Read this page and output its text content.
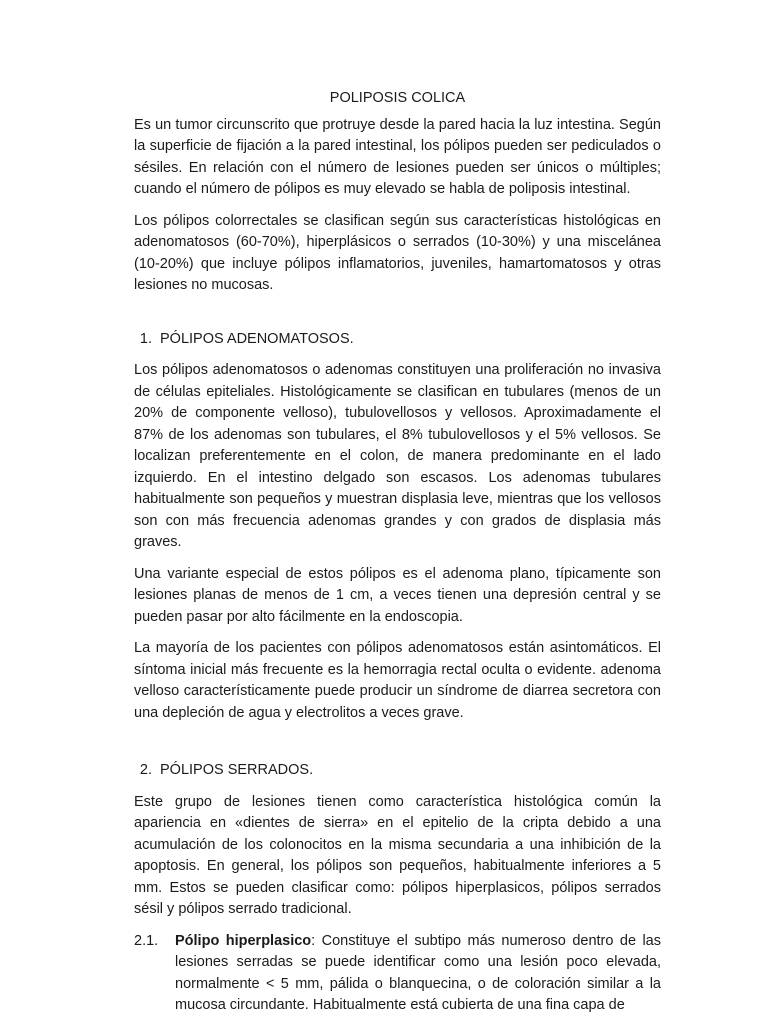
POLIPOSIS COLICA

Es un tumor circunscrito que protruye desde la pared hacia la luz intestina. Según la superficie de fijación a la pared intestinal, los pólipos pueden ser pediculados o sésiles. En relación con el número de lesiones pueden ser únicos o múltiples; cuando el número de pólipos es muy elevado se habla de poliposis intestinal.

Los pólipos colorrectales se clasifican según sus características histológicas en adenomatosos (60-70%), hiperplásicos o serrados (10-30%) y una miscelánea (10-20%) que incluye pólipos inflamatorios, juveniles, hamartomatosos y otras lesiones no mucosas.

1. PÓLIPOS ADENOMATOSOS.

Los pólipos adenomatosos o adenomas constituyen una proliferación no invasiva de células epiteliales. Histológicamente se clasifican en tubulares (menos de un 20% de componente velloso), tubulovellosos y vellosos. Aproximadamente el 87% de los adenomas son tubulares, el 8% tubulovellosos y el 5% vellosos. Se localizan preferentemente en el colon, de manera predominante en el lado izquierdo. En el intestino delgado son escasos. Los adenomas tubulares habitualmente son pequeños y muestran displasia leve, mientras que los vellosos son con más frecuencia adenomas grandes y con grados de displasia más graves.

Una variante especial de estos pólipos es el adenoma plano, típicamente son lesiones planas de menos de 1 cm, a veces tienen una depresión central y se pueden pasar por alto fácilmente en la endoscopia.

La mayoría de los pacientes con pólipos adenomatosos están asintomáticos. El síntoma inicial más frecuente es la hemorragia rectal oculta o evidente. adenoma velloso característicamente puede producir un síndrome de diarrea secretora con una depleción de agua y electrolitos a veces grave.

2. PÓLIPOS SERRADOS.

Este grupo de lesiones tienen como característica histológica común la apariencia en «dientes de sierra» en el epitelio de la cripta debido a una acumulación de los colonocitos en la misma secundaria a una inhibición de la apoptosis. En general, los pólipos son pequeños, habitualmente inferiores a 5 mm. Estos se pueden clasificar como: pólipos hiperplasicos, pólipos serrados sésil y pólipos serrado tradicional.

2.1.	Pólipo hiperplasico: Constituye el subtipo más numeroso dentro de las lesiones serradas se puede identificar como una lesión poco elevada, normalmente < 5 mm, pálida o blanquecina, o de coloración similar a la mucosa circundante. Habitualmente está cubierta de una fina capa de
